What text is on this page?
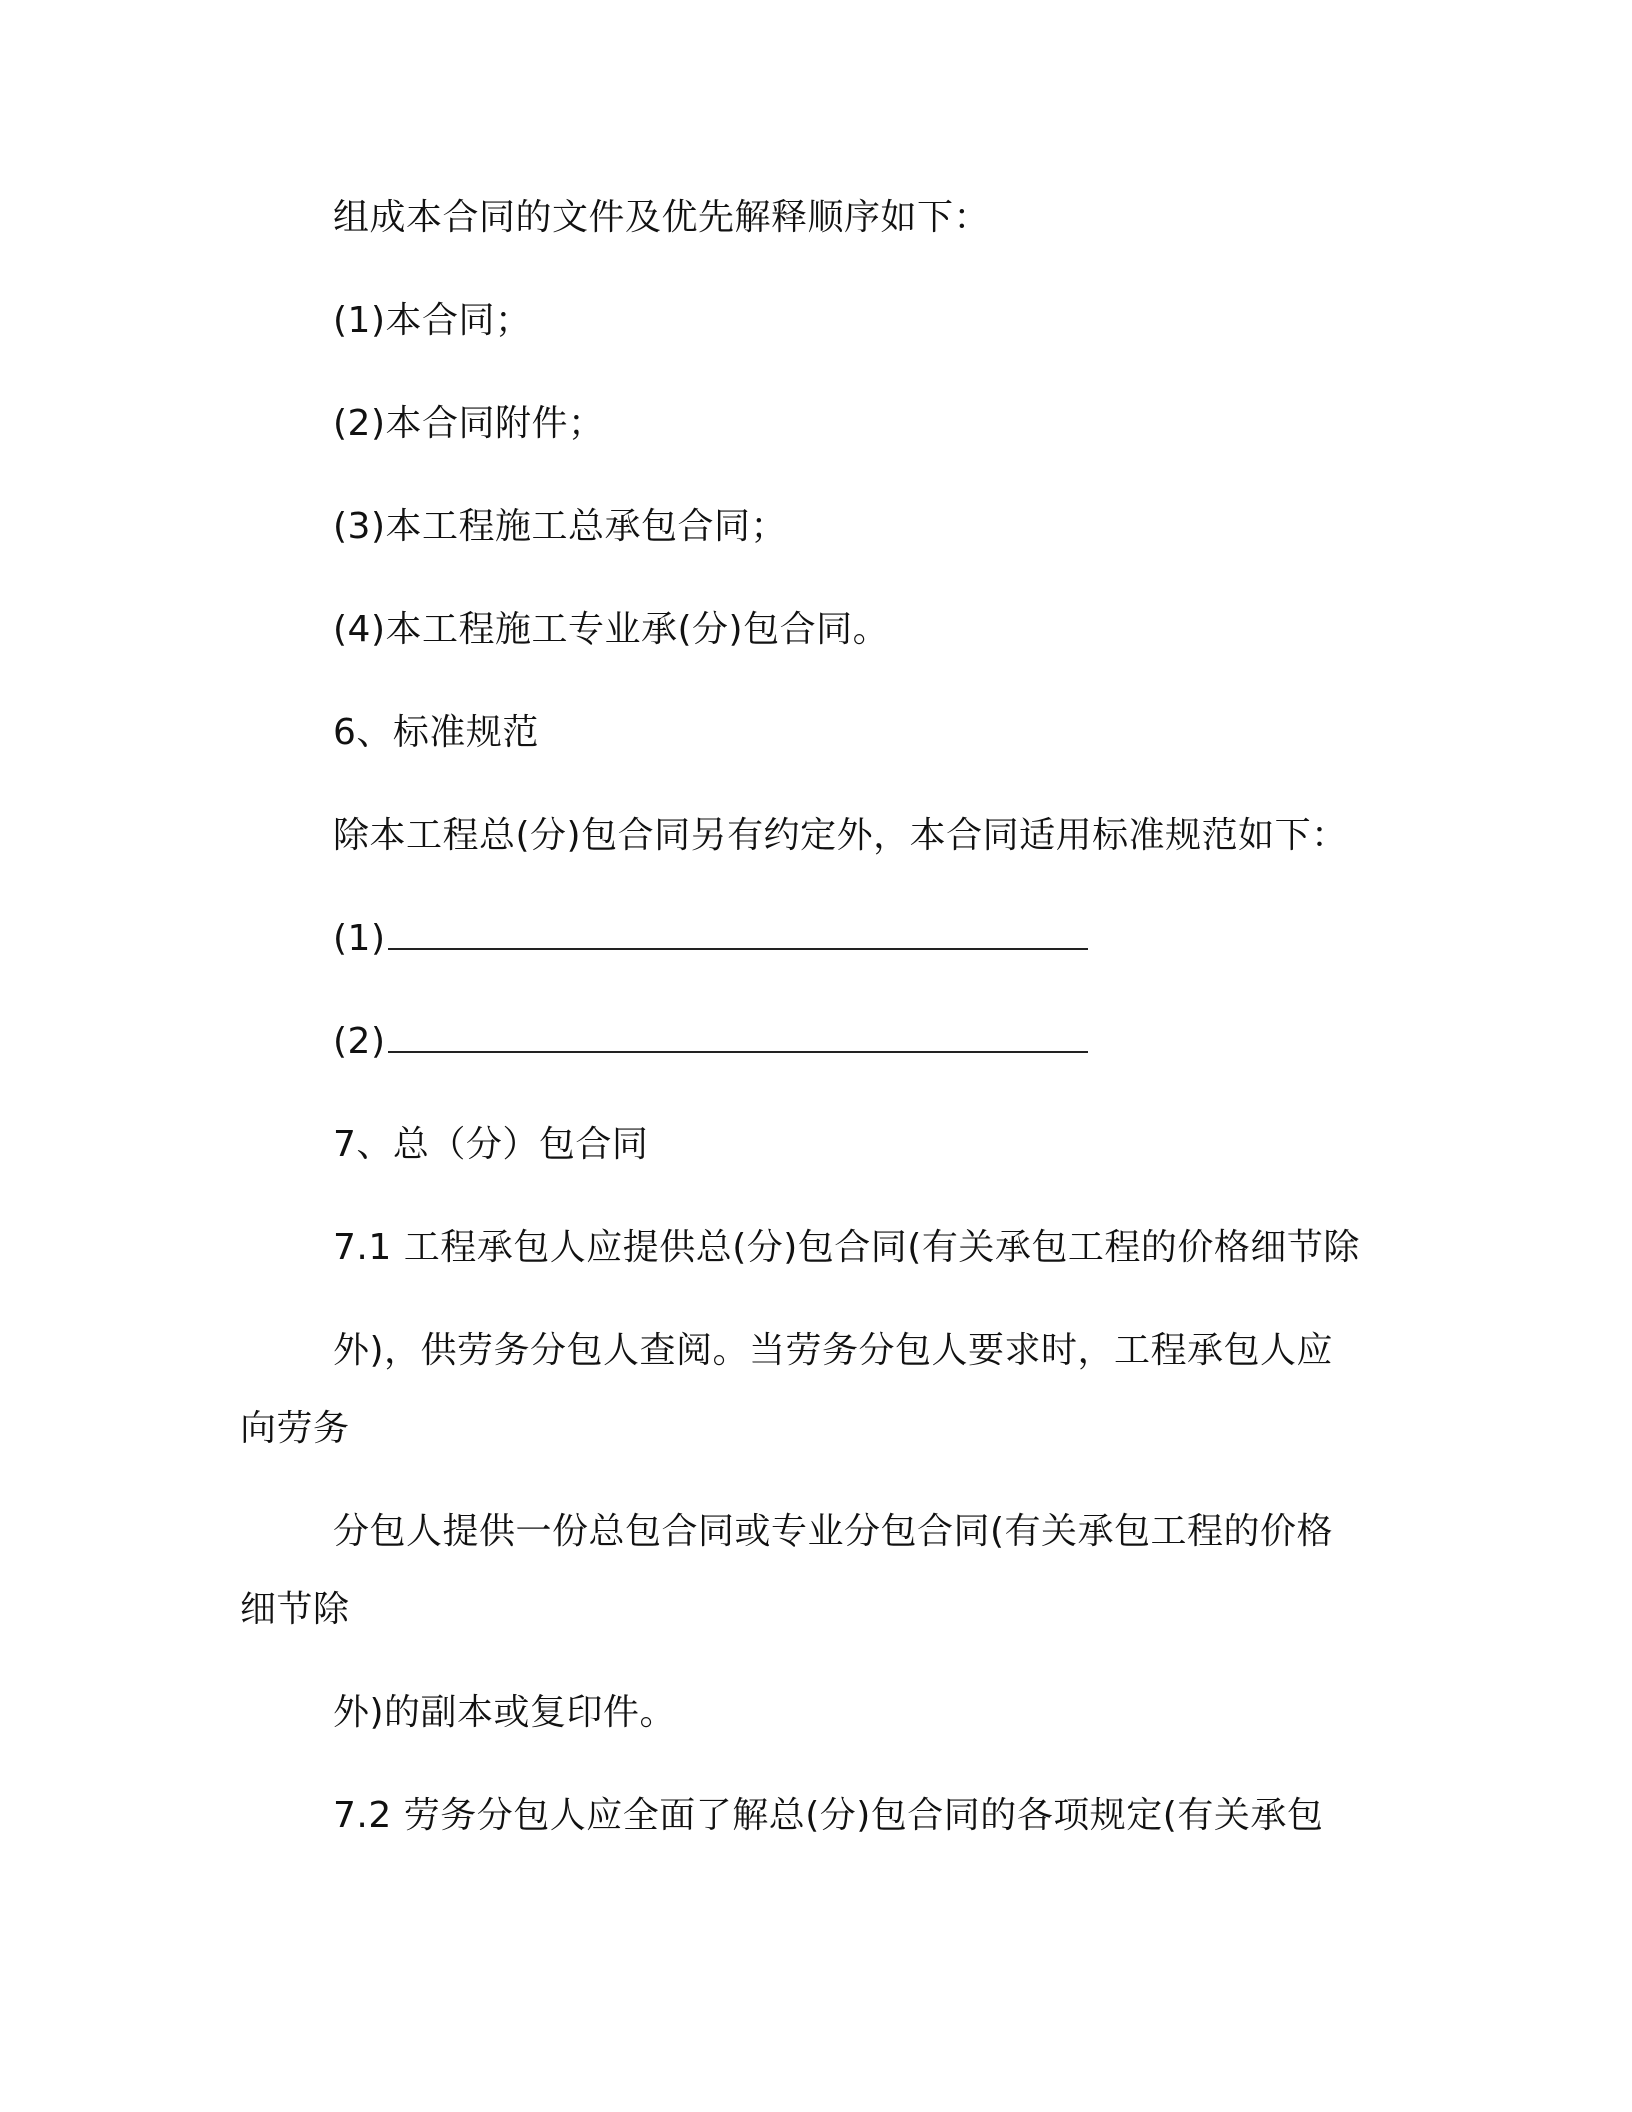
组成本合同的文件及优先解释顺序如下：
(1)本合同；
(2)本合同附件；
(3)本工程施工总承包合同；
(4)本工程施工专业承(分)包合同。
6、标准规范
除本工程总(分)包合同另有约定外，本合同适用标准规范如下：
(1)
(2)
7、总（分）包合同
7.1 工程承包人应提供总(分)包合同(有关承包工程的价格细节除
外)，供劳务分包人查阅。当劳务分包人要求时，工程承包人应
向劳务
分包人提供一份总包合同或专业分包合同(有关承包工程的价格
细节除
外)的副本或复印件。
7.2 劳务分包人应全面了解总(分)包合同的各项规定(有关承包
